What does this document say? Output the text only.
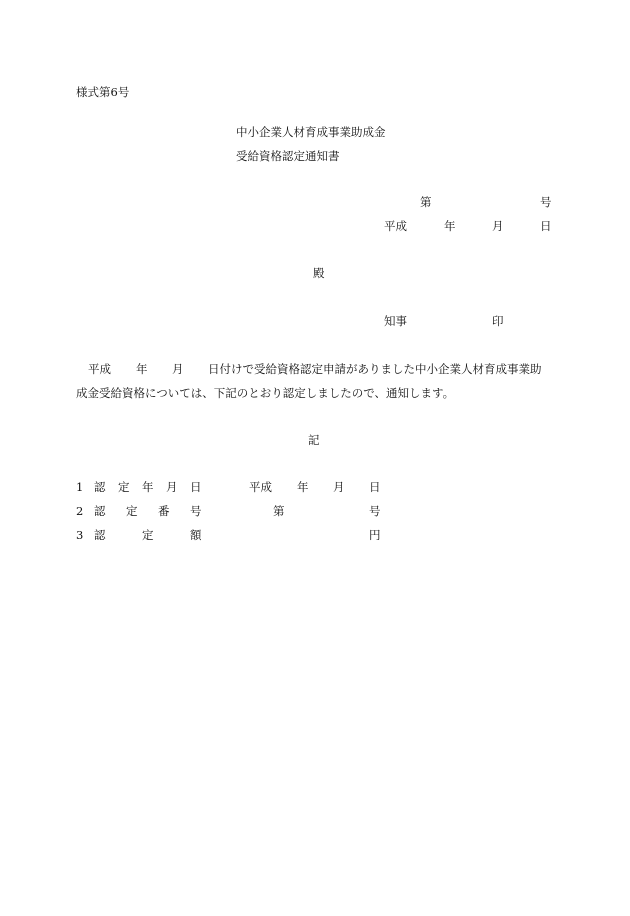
様式第6号
中小企業人材育成事業助成金
受給資格認定通知書
第	号
平成	年	月	日
殿
知事	印
平成 年 月 日付けで受給資格認定申請がありました中小企業人材育成事業助
成金受給資格については、下記のとおり認定しましたので、通知します。
記
1 認 定 年 月 日	平成 年 月 日
2 認 定 番 号	第	号
3 認	定	額	円
